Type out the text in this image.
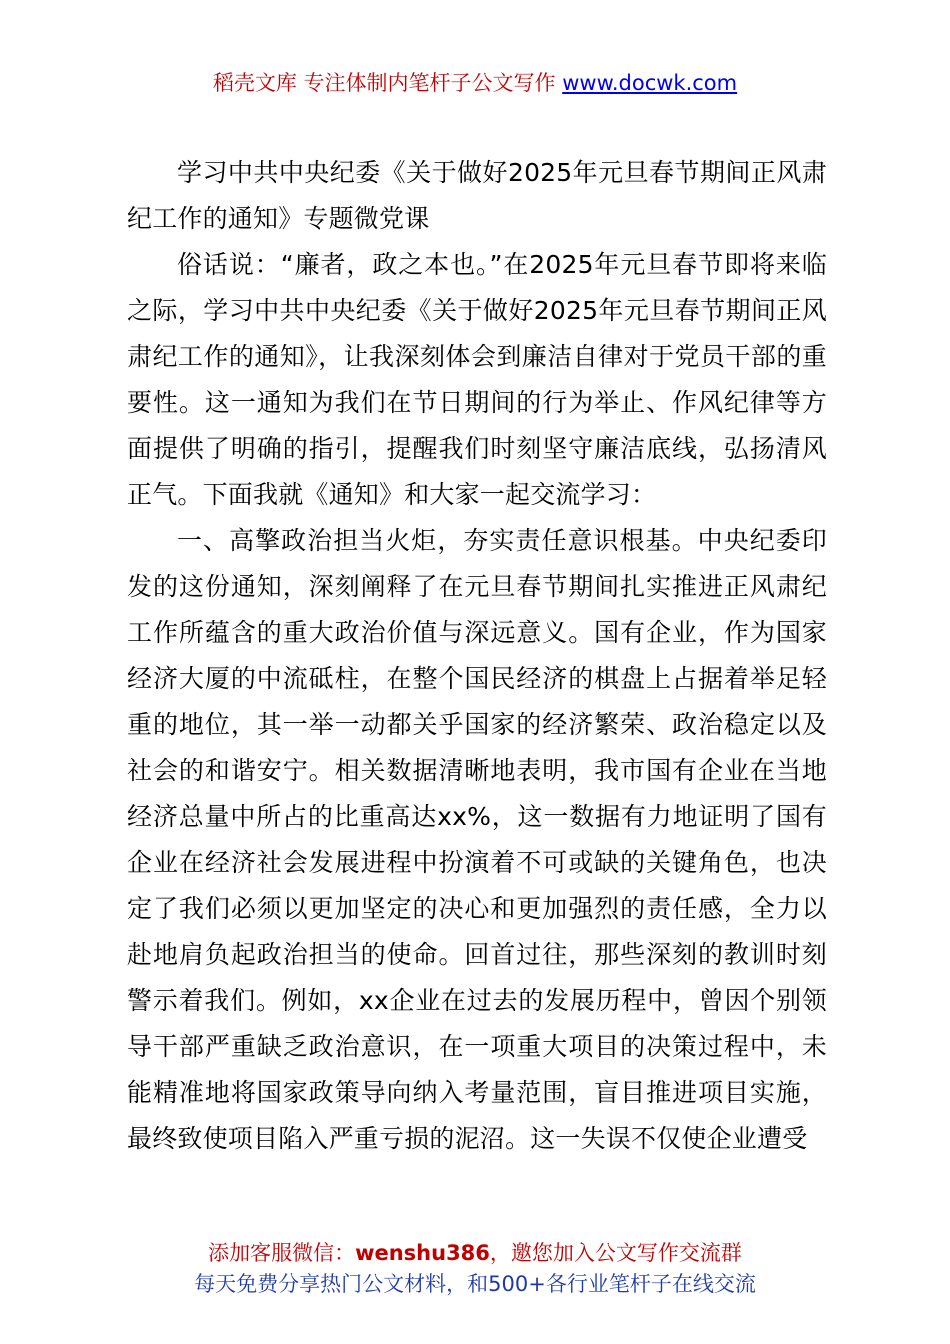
稻壳文库 专注体制内笔杆子公文写作 www.docwk.com

学习中共中央纪委《关于做好2025年元旦春节期间正风肃纪工作的通知》专题微党课

俗话说：“廉者，政之本也。”在2025年元旦春节即将来临之际，学习中共中央纪委《关于做好2025年元旦春节期间正风肃纪工作的通知》，让我深刻体会到廉洁自律对于党员干部的重要性。这一通知为我们在节日期间的行为举止、作风纪律等方面提供了明确的指引，提醒我们时刻坚守廉洁底线，弘扬清风正气。下面我就《通知》和大家一起交流学习：

一、高擎政治担当火炬，夯实责任意识根基。中央纪委印发的这份通知，深刻阐释了在元旦春节期间扎实推进正风肃纪工作所蕴含的重大政治价值与深远意义。国有企业，作为国家经济大厦的中流砥柱，在整个国民经济的棋盘上占据着举足轻重的地位，其一举一动都关乎国家的经济繁荣、政治稳定以及社会的和谐安宁。相关数据清晰地表明，我市国有企业在当地经济总量中所占的比重高达xx%，这一数据有力地证明了国有企业在经济社会发展进程中扮演着不可或缺的关键角色，也决定了我们必须以更加坚定的决心和更加强烈的责任感，全力以赴地肩负起政治担当的使命。回首过往，那些深刻的教训时刻警示着我们。例如，xx企业在过去的发展历程中，曾因个别领导干部严重缺乏政治意识，在一项重大项目的决策过程中，未能精准地将国家政策导向纳入考量范围，盲目推进项目实施，最终致使项目陷入严重亏损的泥沼。这一失误不仅使企业遭受

添加客服微信：wenshu386，邀您加入公文写作交流群
每天免费分享热门公文材料，和500+各行业笔杆子在线交流
